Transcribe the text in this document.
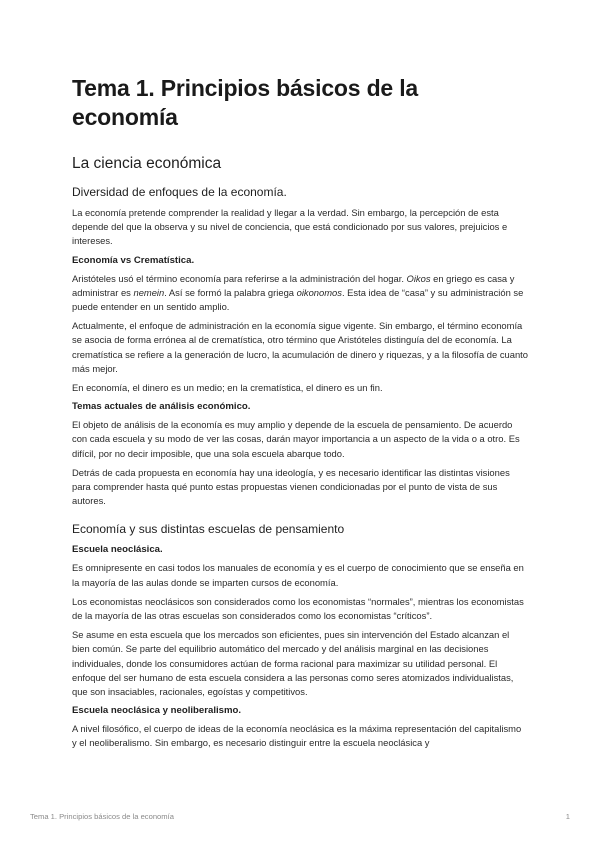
Tema 1. Principios básicos de la economía
La ciencia económica
Diversidad de enfoques de la economía.

La economía pretende comprender la realidad y llegar a la verdad. Sin embargo, la percepción de esta depende del que la observa y su nivel de conciencia, que está condicionado por sus valores, prejuicios e intereses.

Economía vs Crematística.

Aristóteles usó el término economía para referirse a la administración del hogar. Oikos en griego es casa y administrar es nemein. Así se formó la palabra griega oikonomos. Esta idea de “casa” y su administración se puede entender en un sentido amplio.

Actualmente, el enfoque de administración en la economía sigue vigente. Sin embargo, el término economía se asocia de forma errónea al de crematística, otro término que Aristóteles distinguía del de economía. La crematística se refiere a la generación de lucro, la acumulación de dinero y riquezas, y a la filosofía de cuanto más mejor.

En economía, el dinero es un medio; en la crematística, el dinero es un fin.

Temas actuales de análisis económico.

El objeto de análisis de la economía es muy amplio y depende de la escuela de pensamiento. De acuerdo con cada escuela y su modo de ver las cosas, darán mayor importancia a un aspecto de la vida o a otro. Es difícil, por no decir imposible, que una sola escuela abarque todo.

Detrás de cada propuesta en economía hay una ideología, y es necesario identificar las distintas visiones para comprender hasta qué punto estas propuestas vienen condicionadas por el punto de vista de sus autores.

Economía y sus distintas escuelas de pensamiento
Escuela neoclásica.

Es omnipresente en casi todos los manuales de economía y es el cuerpo de conocimiento que se enseña en la mayoría de las aulas donde se imparten cursos de economía.

Los economistas neoclásicos son considerados como los economistas “normales”, mientras los economistas de la mayoría de las otras escuelas son considerados como los economistas “críticos”.

Se asume en esta escuela que los mercados son eficientes, pues sin intervención del Estado alcanzan el bien común. Se parte del equilibrio automático del mercado y del análisis marginal en las decisiones individuales, donde los consumidores actúan de forma racional para maximizar su utilidad personal. El enfoque del ser humano de esta escuela considera a las personas como seres atomizados individualistas, que son insaciables, racionales, egoístas y competitivos.

Escuela neoclásica y neoliberalismo.

A nivel filosófico, el cuerpo de ideas de la economía neoclásica es la máxima representación del capitalismo y el neoliberalismo. Sin embargo, es necesario distinguir entre la escuela neoclásica y

Tema 1. Principios básicos de la economía	1
